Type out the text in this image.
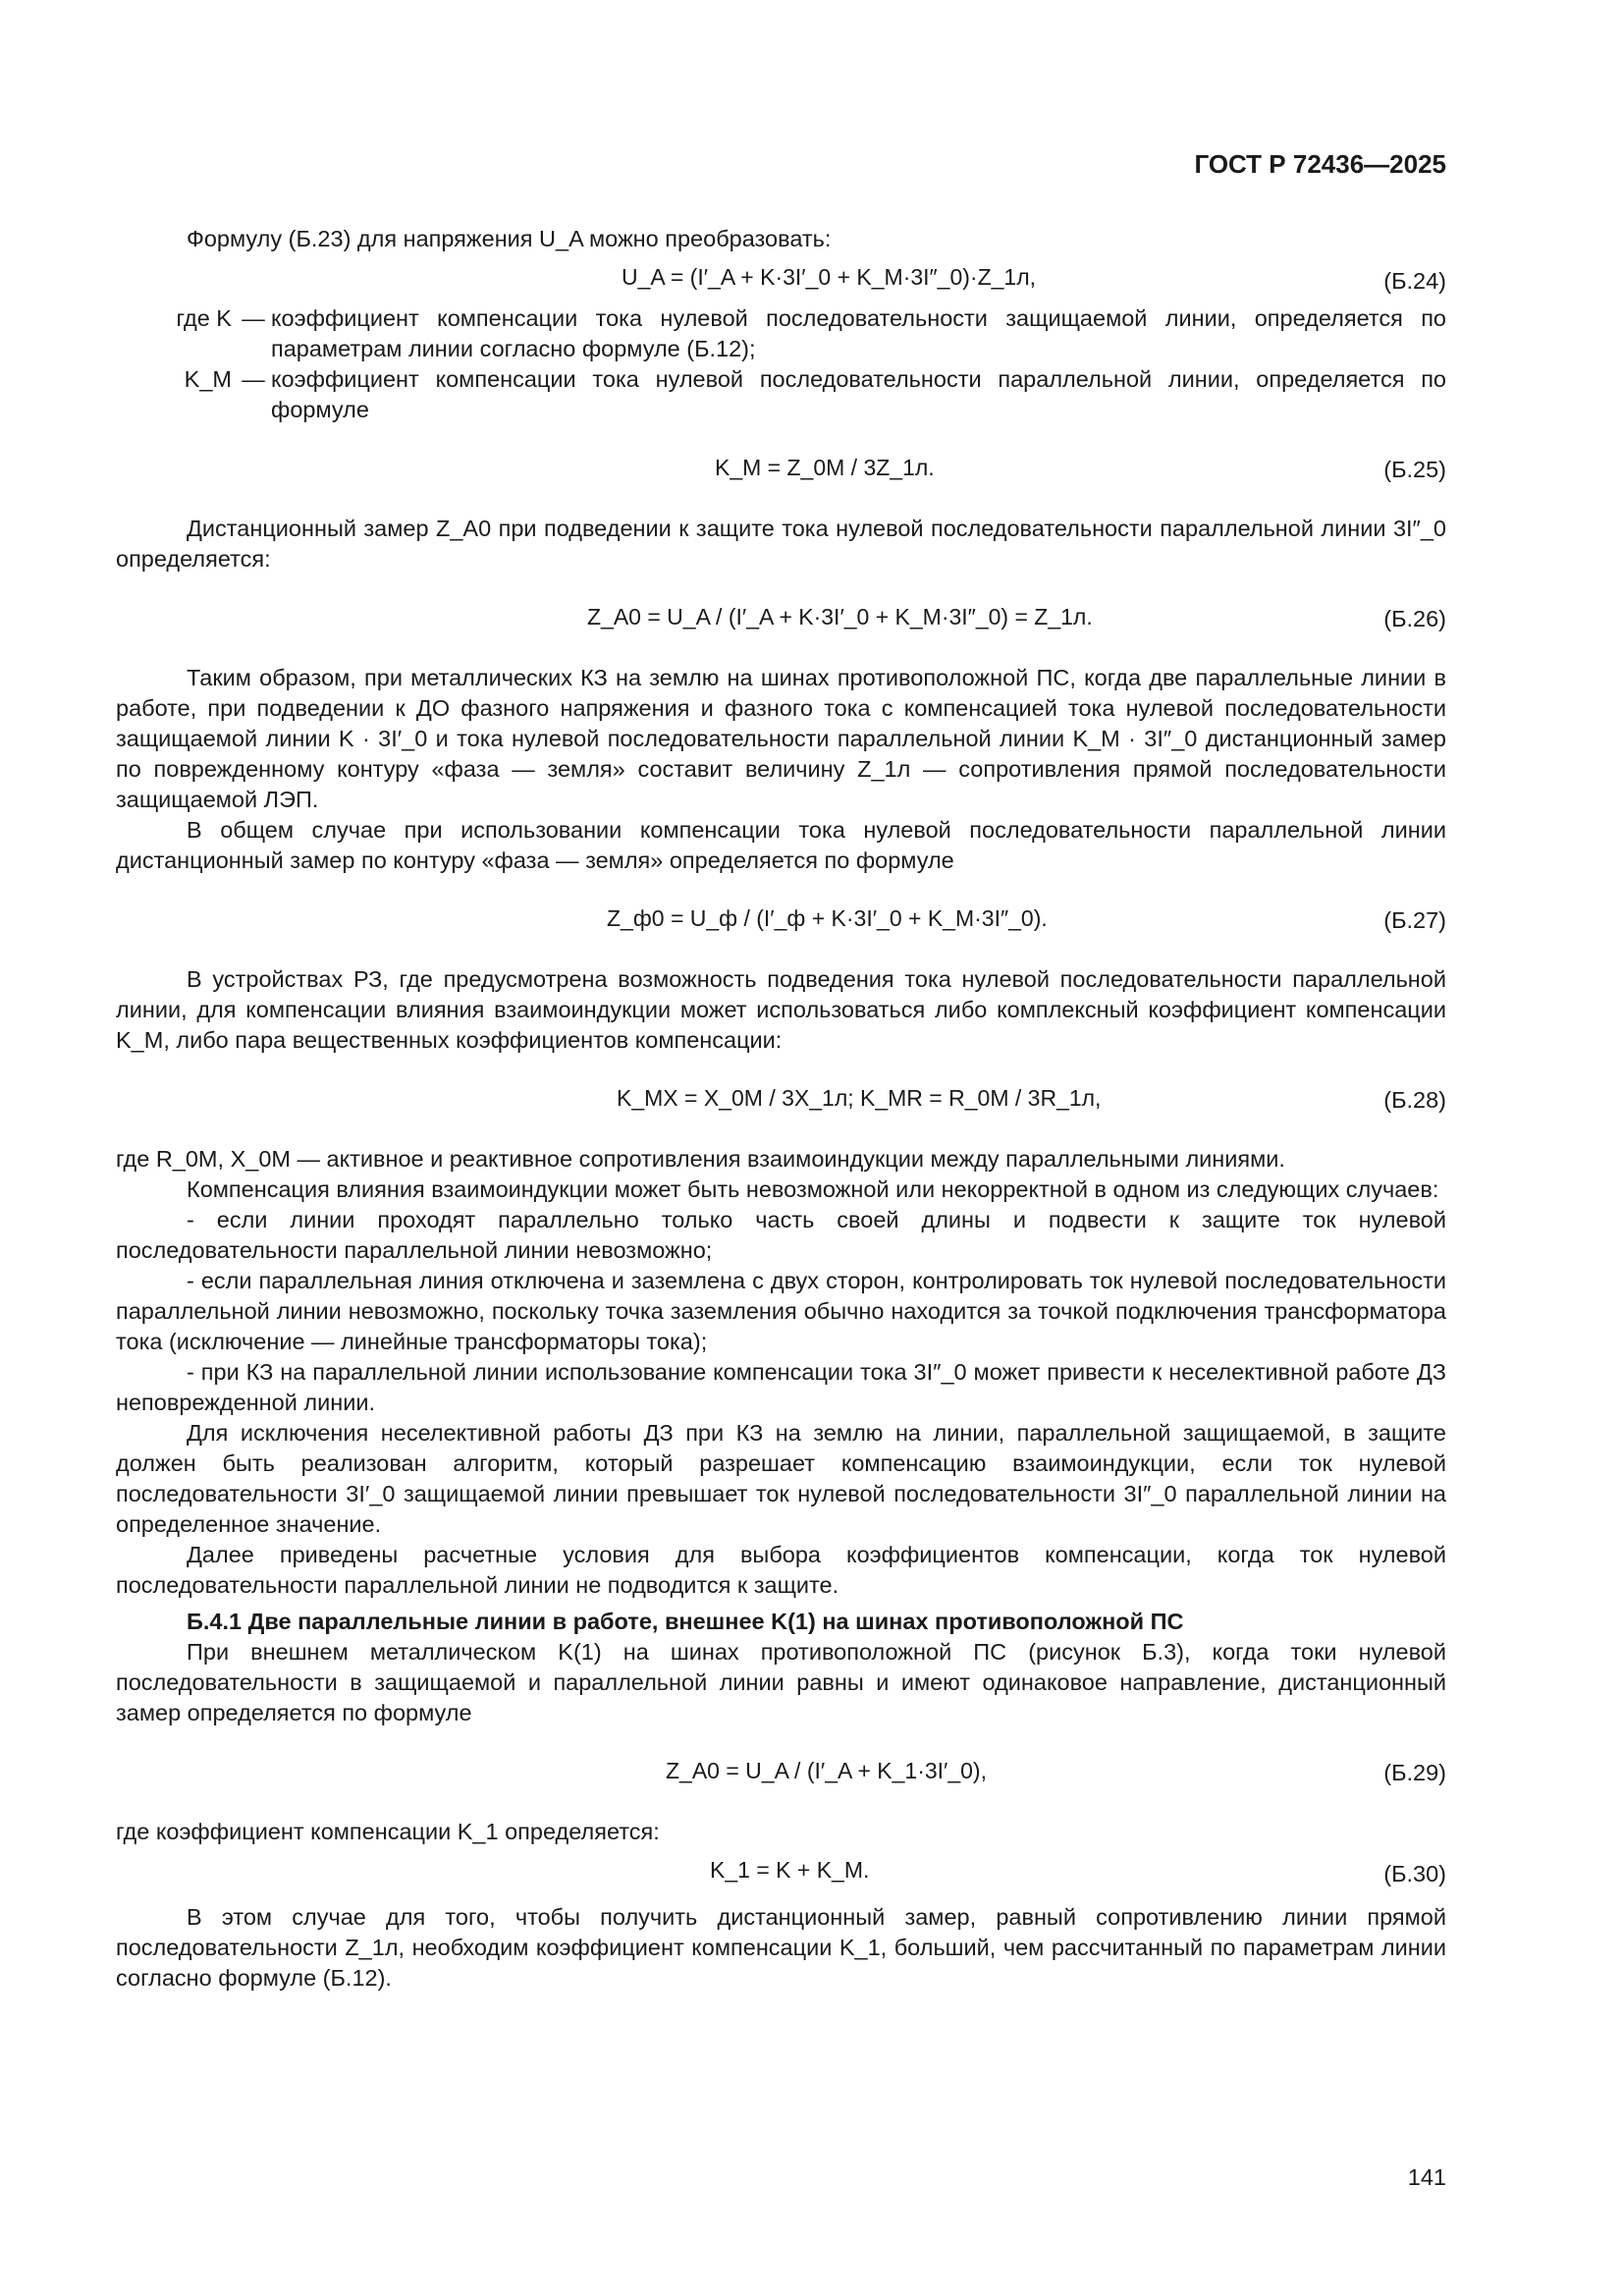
ГОСТ Р 72436—2025

Формулу (Б.23) для напряжения U_A можно преобразовать:

U_A = (I′_A + K·3I′_0 + K_M·3I″_0)·Z_1л,	(Б.24)
где K — коэффициент компенсации тока нулевой последовательности защищаемой линии, определяется по параметрам линии согласно формуле (Б.12);
K_M — коэффициент компенсации тока нулевой последовательности параллельной линии, определяется по формуле
K_M = Z_0M / 3Z_1л.	(Б.25)

Дистанционный замер Z_A0 при подведении к защите тока нулевой последовательности параллельной линии 3I″_0 определяется:

Z_A0 = U_A / (I′_A + K·3I′_0 + K_M·3I″_0) = Z_1л.	(Б.26)

Таким образом, при металлических КЗ на землю на шинах противоположной ПС, когда две параллельные линии в работе, при подведении к ДО фазного напряжения и фазного тока с компенсацией тока нулевой последовательности защищаемой линии K · 3I′_0 и тока нулевой последовательности параллельной линии K_M · 3I″_0 дистанционный замер по поврежденному контуру «фаза — земля» составит величину Z_1л — сопротивления прямой последовательности защищаемой ЛЭП.

В общем случае при использовании компенсации тока нулевой последовательности параллельной линии дистанционный замер по контуру «фаза — земля» определяется по формуле

Z_ф0 = U_ф / (I′_ф + K·3I′_0 + K_M·3I″_0).	(Б.27)

В устройствах РЗ, где предусмотрена возможность подведения тока нулевой последовательности параллельной линии, для компенсации влияния взаимоиндукции может использоваться либо комплексный коэффициент компенсации K_M, либо пара вещественных коэффициентов компенсации:

K_MX = X_0M / 3X_1л; K_MR = R_0M / 3R_1л,	(Б.28)

где R_0M, X_0M — активное и реактивное сопротивления взаимоиндукции между параллельными линиями.

Компенсация влияния взаимоиндукции может быть невозможной или некорректной в одном из следующих случаев:

- если линии проходят параллельно только часть своей длины и подвести к защите ток нулевой последовательности параллельной линии невозможно;

- если параллельная линия отключена и заземлена с двух сторон, контролировать ток нулевой последовательности параллельной линии невозможно, поскольку точка заземления обычно находится за точкой подключения трансформатора тока (исключение — линейные трансформаторы тока);

- при КЗ на параллельной линии использование компенсации тока 3I″_0 может привести к неселективной работе ДЗ неповрежденной линии.

Для исключения неселективной работы ДЗ при КЗ на землю на линии, параллельной защищаемой, в защите должен быть реализован алгоритм, который разрешает компенсацию взаимоиндукции, если ток нулевой последовательности 3I′_0 защищаемой линии превышает ток нулевой последовательности 3I″_0 параллельной линии на определенное значение.

Далее приведены расчетные условия для выбора коэффициентов компенсации, когда ток нулевой последовательности параллельной линии не подводится к защите.

Б.4.1 Две параллельные линии в работе, внешнее K(1) на шинах противоположной ПС

При внешнем металлическом K(1) на шинах противоположной ПС (рисунок Б.3), когда токи нулевой последовательности в защищаемой и параллельной линии равны и имеют одинаковое направление, дистанционный замер определяется по формуле

Z_A0 = U_A / (I′_A + K_1·3I′_0),	(Б.29)

где коэффициент компенсации K_1 определяется:

K_1 = K + K_M.	(Б.30)

В этом случае для того, чтобы получить дистанционный замер, равный сопротивлению линии прямой последовательности Z_1л, необходим коэффициент компенсации K_1, больший, чем рассчитанный по параметрам линии согласно формуле (Б.12).

141
